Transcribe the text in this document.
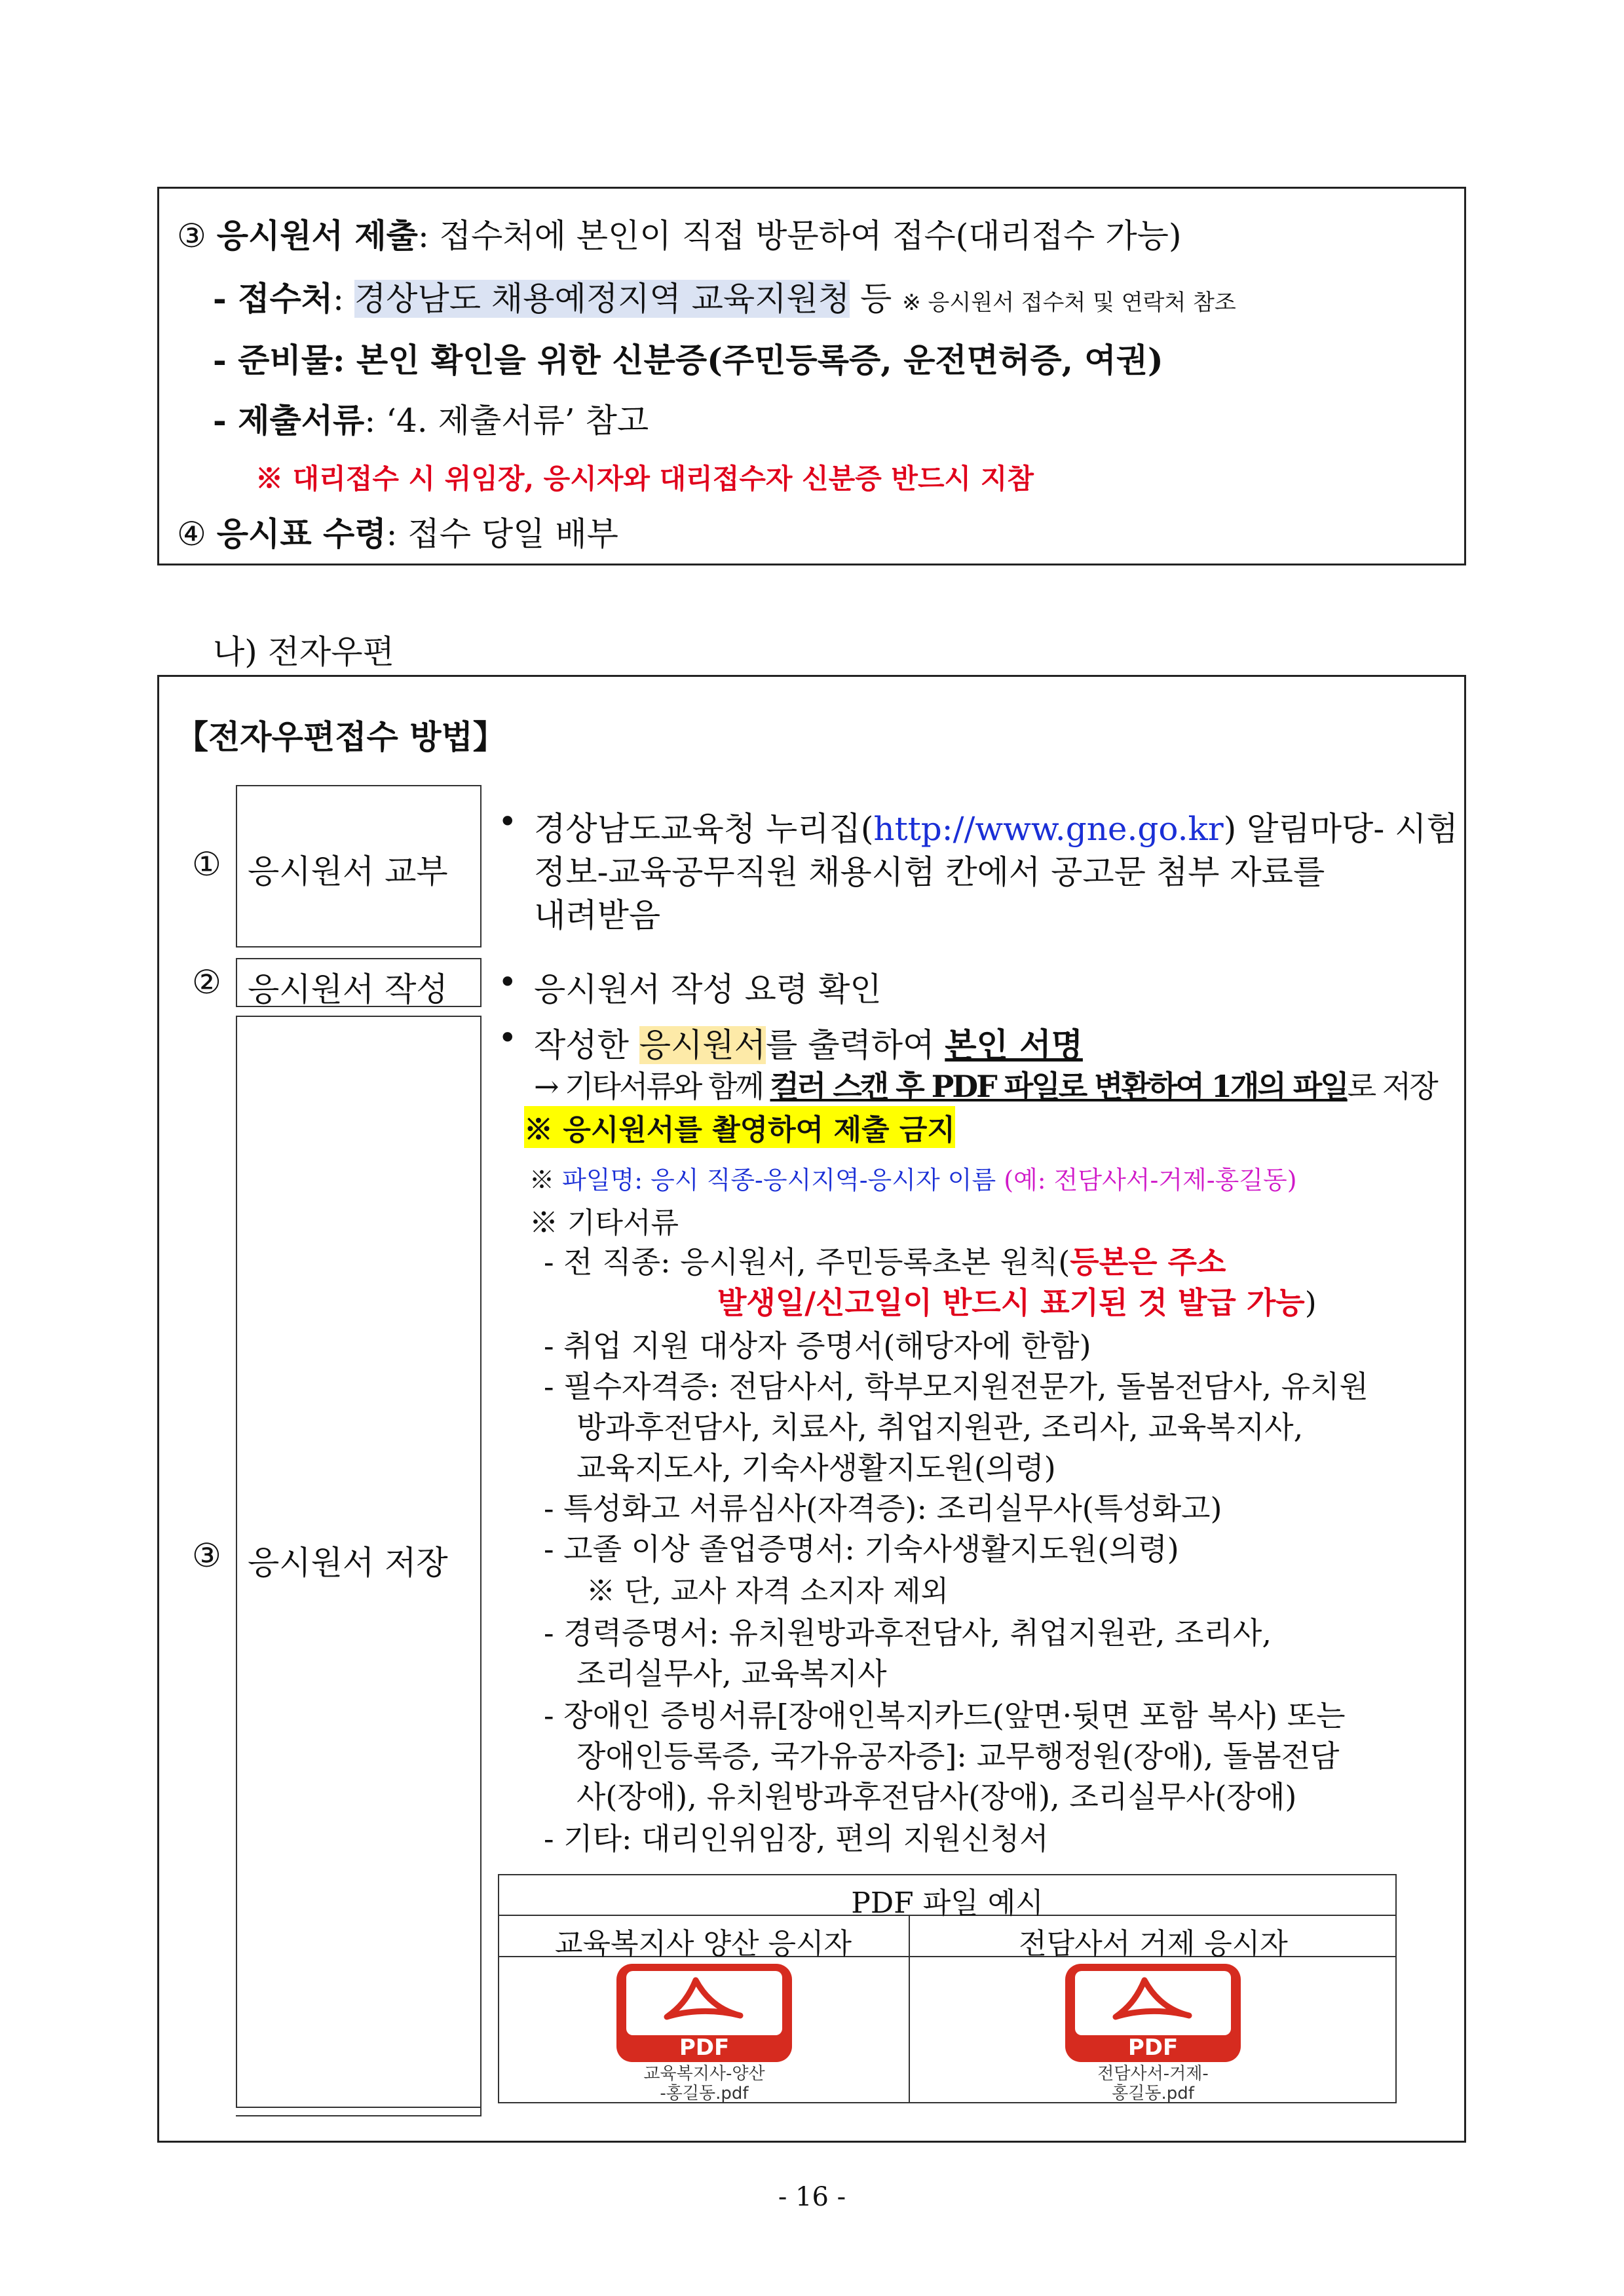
③ 응시원서 제출: 접수처에 본인이 직접 방문하여 접수(대리접수 가능)
- 접수처: 경상남도 채용예정지역 교육지원청 등 ※ 응시원서 접수처 및 연락처 참조
- 준비물: 본인 확인을 위한 신분증(주민등록증, 운전면허증, 여권)
- 제출서류: ‘4. 제출서류’ 참고
※ 대리접수 시 위임장, 응시자와 대리접수자 신분증 반드시 지참
④ 응시표 수령: 접수 당일 배부
나) 전자우편
【전자우편접수 방법】
① 응시원서 교부
• 경상남도교육청 누리집(http://www.gne.go.kr) 알림마당- 시험
정보-교육공무직원 채용시험 칸에서 공고문 첨부 자료를
내려받음
② 응시원서 작성 • 응시원서 작성 요령 확인
③ 응시원서 저장
• 작성한 응시원서를 출력하여 본인 서명
→ 기타서류와 함께 컬러 스캔 후 PDF 파일로 변환하여 1개의 파일로 저장
※ 응시원서를 촬영하여 제출 금지
※ 파일명: 응시 직종-응시지역-응시자 이름 (예: 전담사서-거제-홍길동)
※ 기타서류
- 전 직종: 응시원서, 주민등록초본 원칙(등본은 주소
발생일/신고일이 반드시 표기된 것 발급 가능)
- 취업 지원 대상자 증명서(해당자에 한함)
- 필수자격증: 전담사서, 학부모지원전문가, 돌봄전담사, 유치원
방과후전담사, 치료사, 취업지원관, 조리사, 교육복지사,
교육지도사, 기숙사생활지도원(의령)
- 특성화고 서류심사(자격증): 조리실무사(특성화고)
- 고졸 이상 졸업증명서: 기숙사생활지도원(의령)
※ 단, 교사 자격 소지자 제외
- 경력증명서: 유치원방과후전담사, 취업지원관, 조리사,
조리실무사, 교육복지사
- 장애인 증빙서류[장애인복지카드(앞면·뒷면 포함 복사) 또는
장애인등록증, 국가유공자증]: 교무행정원(장애), 돌봄전담
사(장애), 유치원방과후전담사(장애), 조리실무사(장애)
- 기타: 대리인위임장, 편의 지원신청서
PDF 파일 예시
교육복지사 양산 응시자	전담사서 거제 응시자
PDF
교육복지사-양산
-홍길동.pdf
PDF
전담사서-거제-
홍길동.pdf
- 16 -
